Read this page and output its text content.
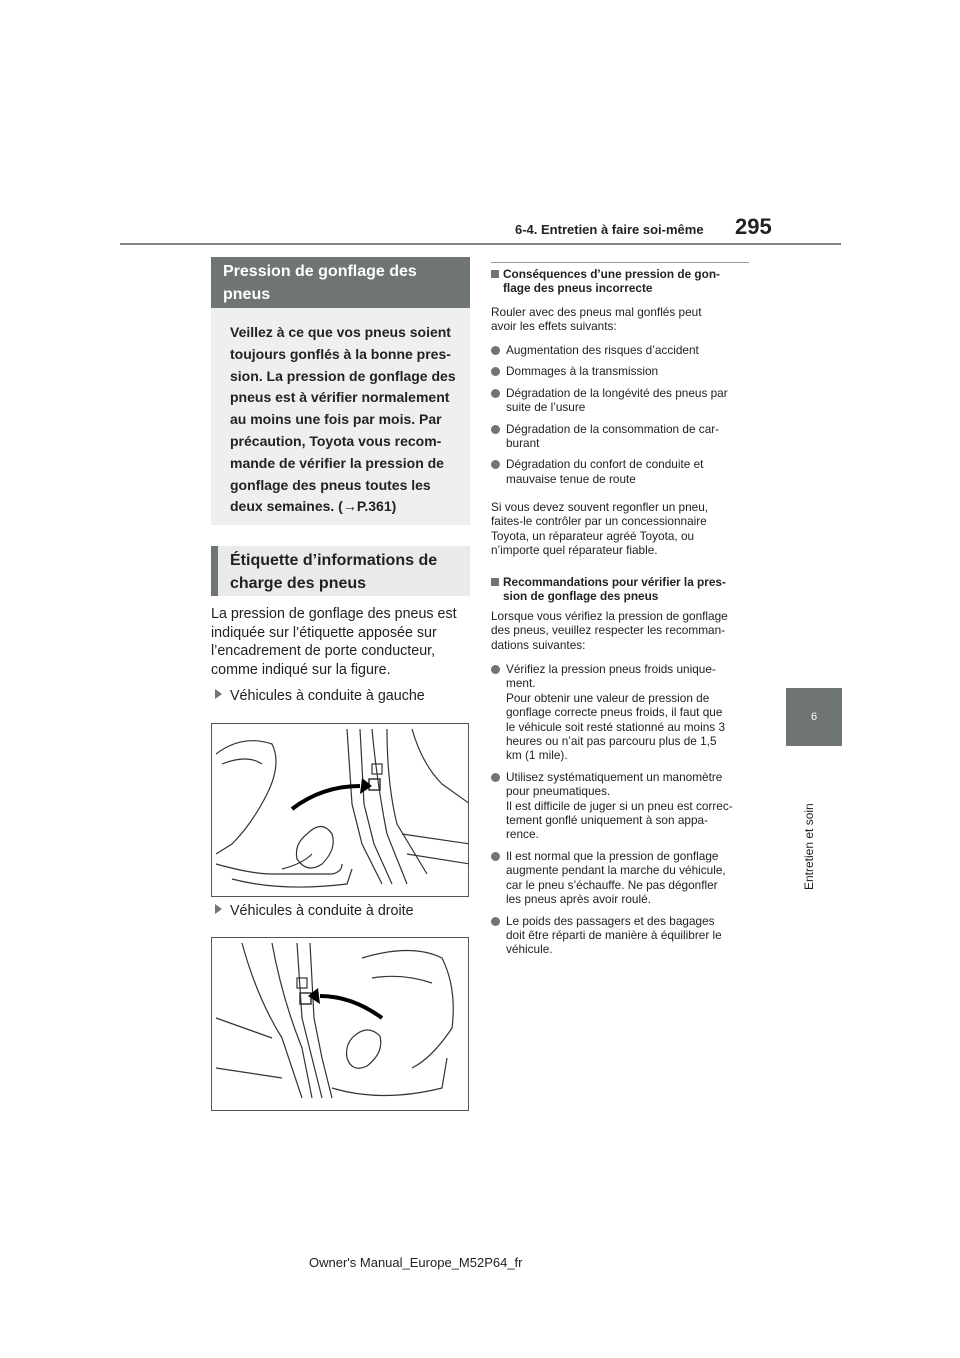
6-4. Entretien à faire soi-même 295
6
Entretien et soin
Pression de gonflage des pneus
Veillez à ce que vos pneus soient
toujours gonflés à la bonne pres-
sion. La pression de gonflage des
pneus est à vérifier normalement
au moins une fois par mois. Par
précaution, Toyota vous recom-
mande de vérifier la pression de
gonflage des pneus toutes les
deux semaines. (→P.361)
Étiquette d’informations de
charge des pneus
La pression de gonflage des pneus est
indiquée sur l’étiquette apposée sur
l’encadrement de porte conducteur,
comme indiqué sur la figure.
Véhicules à conduite à gauche
Véhicules à conduite à droite
Conséquences d’une pression de gon-
flage des pneus incorrecte
Rouler avec des pneus mal gonflés peut
avoir les effets suivants:
Augmentation des risques d’accident
Dommages à la transmission
Dégradation de la longévité des pneus par
suite de l’usure
Dégradation de la consommation de car-
burant
Dégradation du confort de conduite et
mauvaise tenue de route
Si vous devez souvent regonfler un pneu,
faites-le contrôler par un concessionnaire
Toyota, un réparateur agréé Toyota, ou
n’importe quel réparateur fiable.
Recommandations pour vérifier la pres-
sion de gonflage des pneus
Lorsque vous vérifiez la pression de gonflage
des pneus, veuillez respecter les recomman-
dations suivantes:
Vérifiez la pression pneus froids unique-
ment.
Pour obtenir une valeur de pression de
gonflage correcte pneus froids, il faut que
le véhicule soit resté stationné au moins 3
heures ou n’ait pas parcouru plus de 1,5
km (1 mile).
Utilisez systématiquement un manomètre
pour pneumatiques.
Il est difficile de juger si un pneu est correc-
tement gonflé uniquement à son appa-
rence.
Il est normal que la pression de gonflage
augmente pendant la marche du véhicule,
car le pneu s’échauffe. Ne pas dégonfler
les pneus après avoir roulé.
Le poids des passagers et des bagages
doit être réparti de manière à équilibrer le
véhicule.
Owner's Manual_Europe_M52P64_fr
